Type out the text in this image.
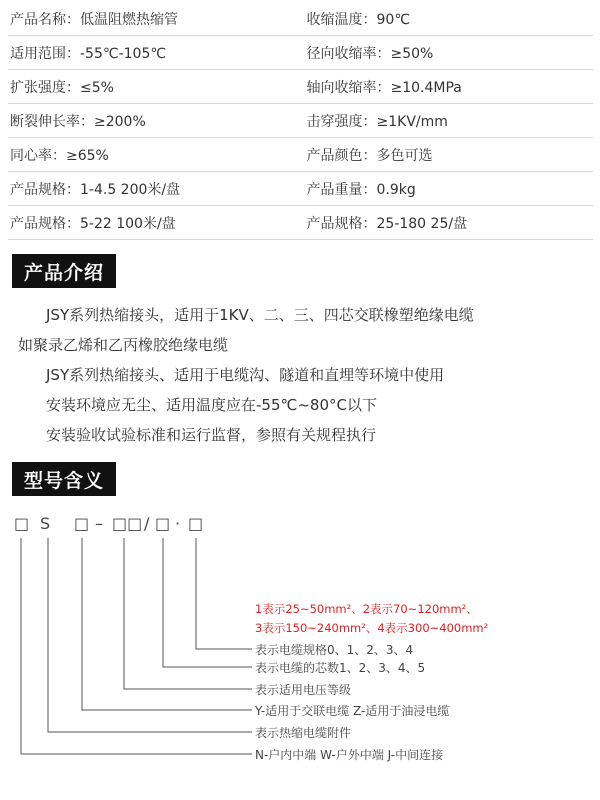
产品名称：低温阻燃热缩管	收缩温度：90℃
适用范围：-55℃-105℃	径向收缩率：≥50%
扩张强度：≤5%	轴向收缩率：≥10.4MPa
断裂伸长率：≥200%	击穿强度：≥1KV/mm
同心率：≥65%	产品颜色：多色可选
产品规格：1-4.5 200米/盘	产品重量：0.9kg
产品规格：5-22 100米/盘	产品规格：25-180 25/盘
产品介绍

JSY系列热缩接头，适用于1KV、二、三、四芯交联橡塑绝缘电缆

如聚录乙烯和乙丙橡胶绝缘电缆

JSY系列热缩接头、适用于电缆沟、隧道和直埋等环境中使用

安装环境应无尘、适用温度应在-55℃~80°C以下

安装验收试验标准和运行监督，参照有关规程执行

型号含义
□ S □ – □□ / □ · □
1表示25~50mm²、2表示70~120mm²、
3表示150~240mm²、4表示300~400mm²
表示电缆规格0、1、2、3、4
表示电缆的芯数1、2、3、4、5
表示适用电压等级
Y-适用于交联电缆 Z-适用于油浸电缆
表示热缩电缆附件
N-户内中端 W-户外中端 J-中间连接
